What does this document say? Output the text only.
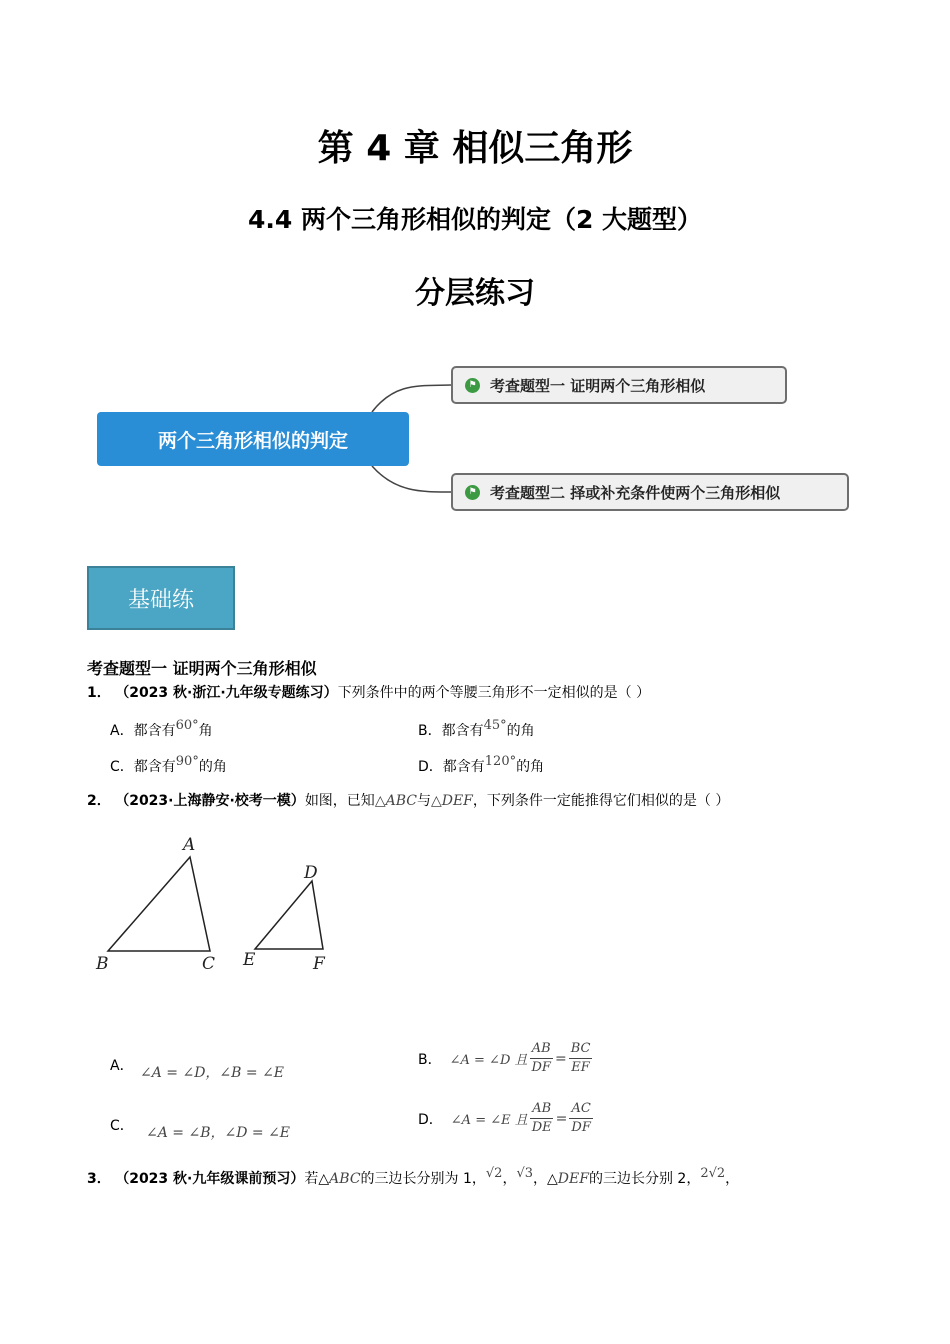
第 4 章 相似三角形
4.4 两个三角形相似的判定（2 大题型）
分层练习
两个三角形相似的判定
⚑ 考查题型一 证明两个三角形相似
⚑ 考查题型二 择或补充条件使两个三角形相似
基础练
考查题型一 证明两个三角形相似
1． （2023 秋·浙江·九年级专题练习）下列条件中的两个等腰三角形不一定相似的是（ ）
A．都含有60°角	B．都含有45°的角
C．都含有90°的角	D．都含有120°的角
2． （2023·上海静安·校考一模）如图，已知△ABC与△DEF，下列条件一定能推得它们相似的是（ ）
A
B	C
D
E	F
A． ∠A = ∠D，∠B = ∠E
B． ∠A = ∠D 且 $\frac{AB}{DF} = \frac{BC}{EF}$
C． ∠A = ∠B，∠D = ∠E
D． ∠A = ∠E 且 $\frac{AB}{DE} = \frac{AC}{DF}$
3． （2023 秋·九年级课前预习）若△ABC的三边长分别为 1，√2，√3，△DEF的三边长分别 2，2√2，
